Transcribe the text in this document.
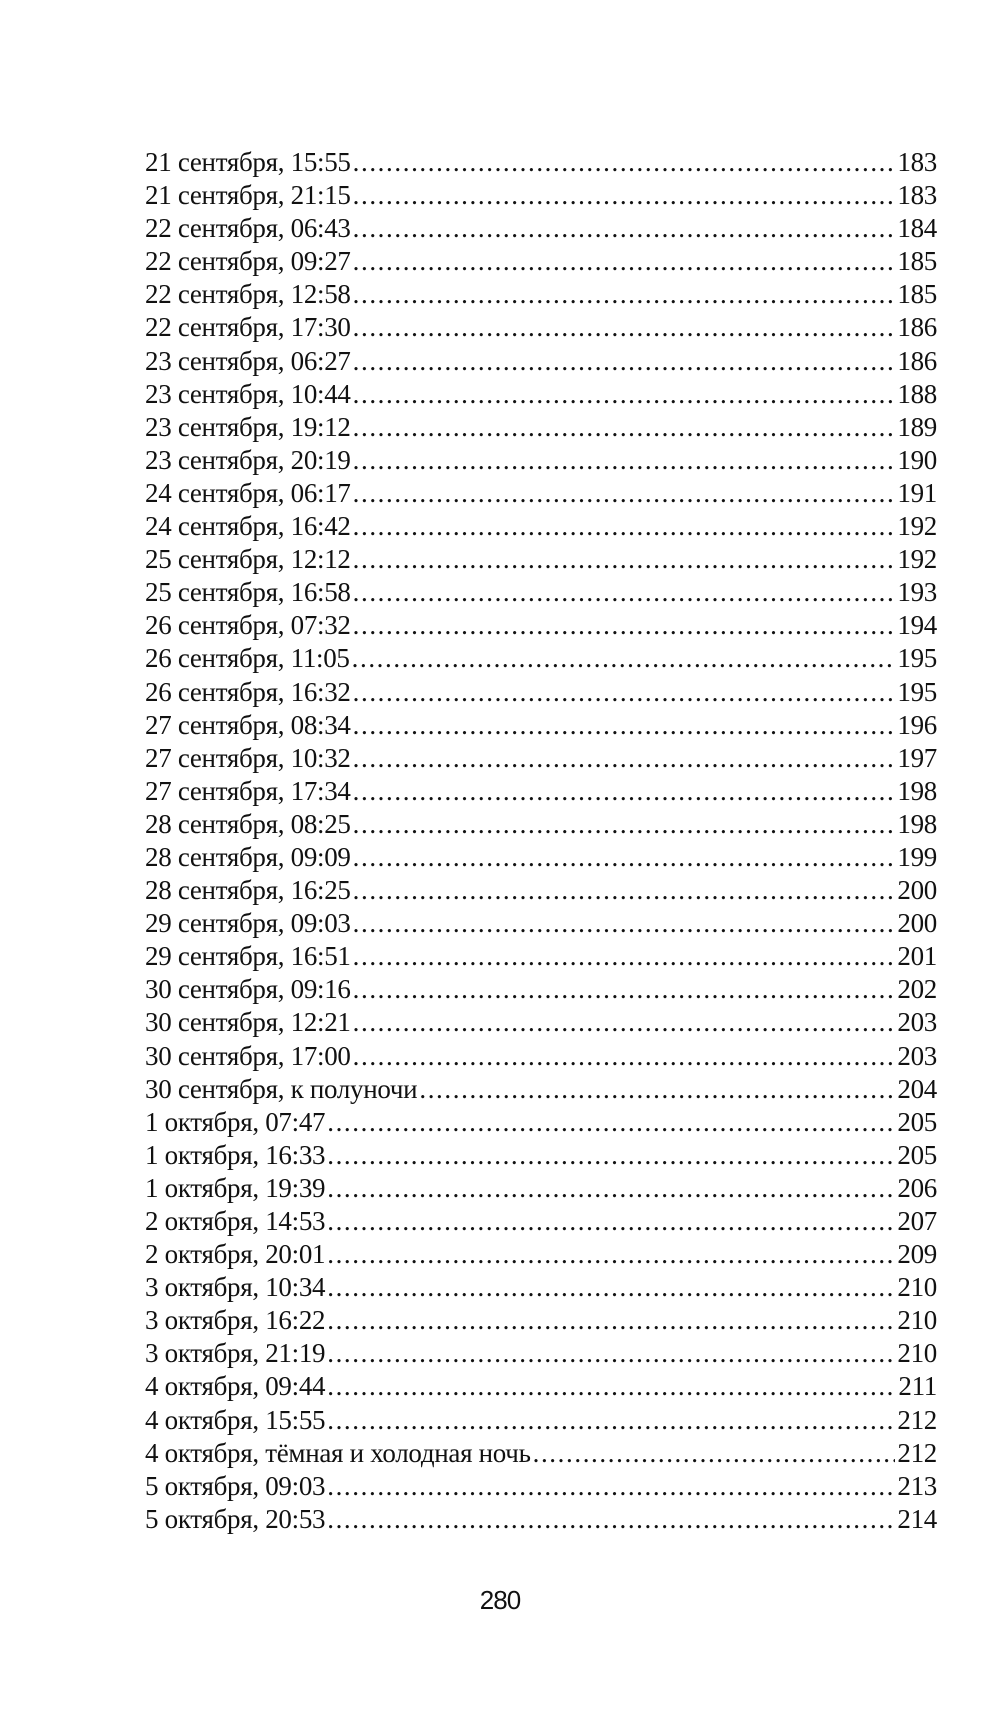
21 сентября, 15:55 .....	183
21 сентября, 21:15 .....	183
22 сентября, 06:43 .....	184
22 сентября, 09:27 .....	185
22 сентября, 12:58 .....	185
22 сентября, 17:30 .....	186
23 сентября, 06:27 .....	186
23 сентября, 10:44 .....	188
23 сентября, 19:12 .....	189
23 сентября, 20:19 .....	190
24 сентября, 06:17 .....	191
24 сентября, 16:42 .....	192
25 сентября, 12:12 .....	192
25 сентября, 16:58 .....	193
26 сентября, 07:32 .....	194
26 сентября, 11:05 .....	195
26 сентября, 16:32 .....	195
27 сентября, 08:34 .....	196
27 сентября, 10:32 .....	197
27 сентября, 17:34 .....	198
28 сентября, 08:25 .....	198
28 сентября, 09:09 .....	199
28 сентября, 16:25 .....	200
29 сентября, 09:03 .....	200
29 сентября, 16:51 .....	201
30 сентября, 09:16 .....	202
30 сентября, 12:21 .....	203
30 сентября, 17:00 .....	203
30 сентября, к полуночи .....	204
1 октября, 07:47 .....	205
1 октября, 16:33 .....	205
1 октября, 19:39 .....	206
2 октября, 14:53 .....	207
2 октября, 20:01 .....	209
3 октября, 10:34 .....	210
3 октября, 16:22 .....	210
3 октября, 21:19 .....	210
4 октября, 09:44 .....	211
4 октября, 15:55 .....	212
4 октября, тёмная и холодная ночь .....	212
5 октября, 09:03 .....	213
5 октября, 20:53 .....	214
280
